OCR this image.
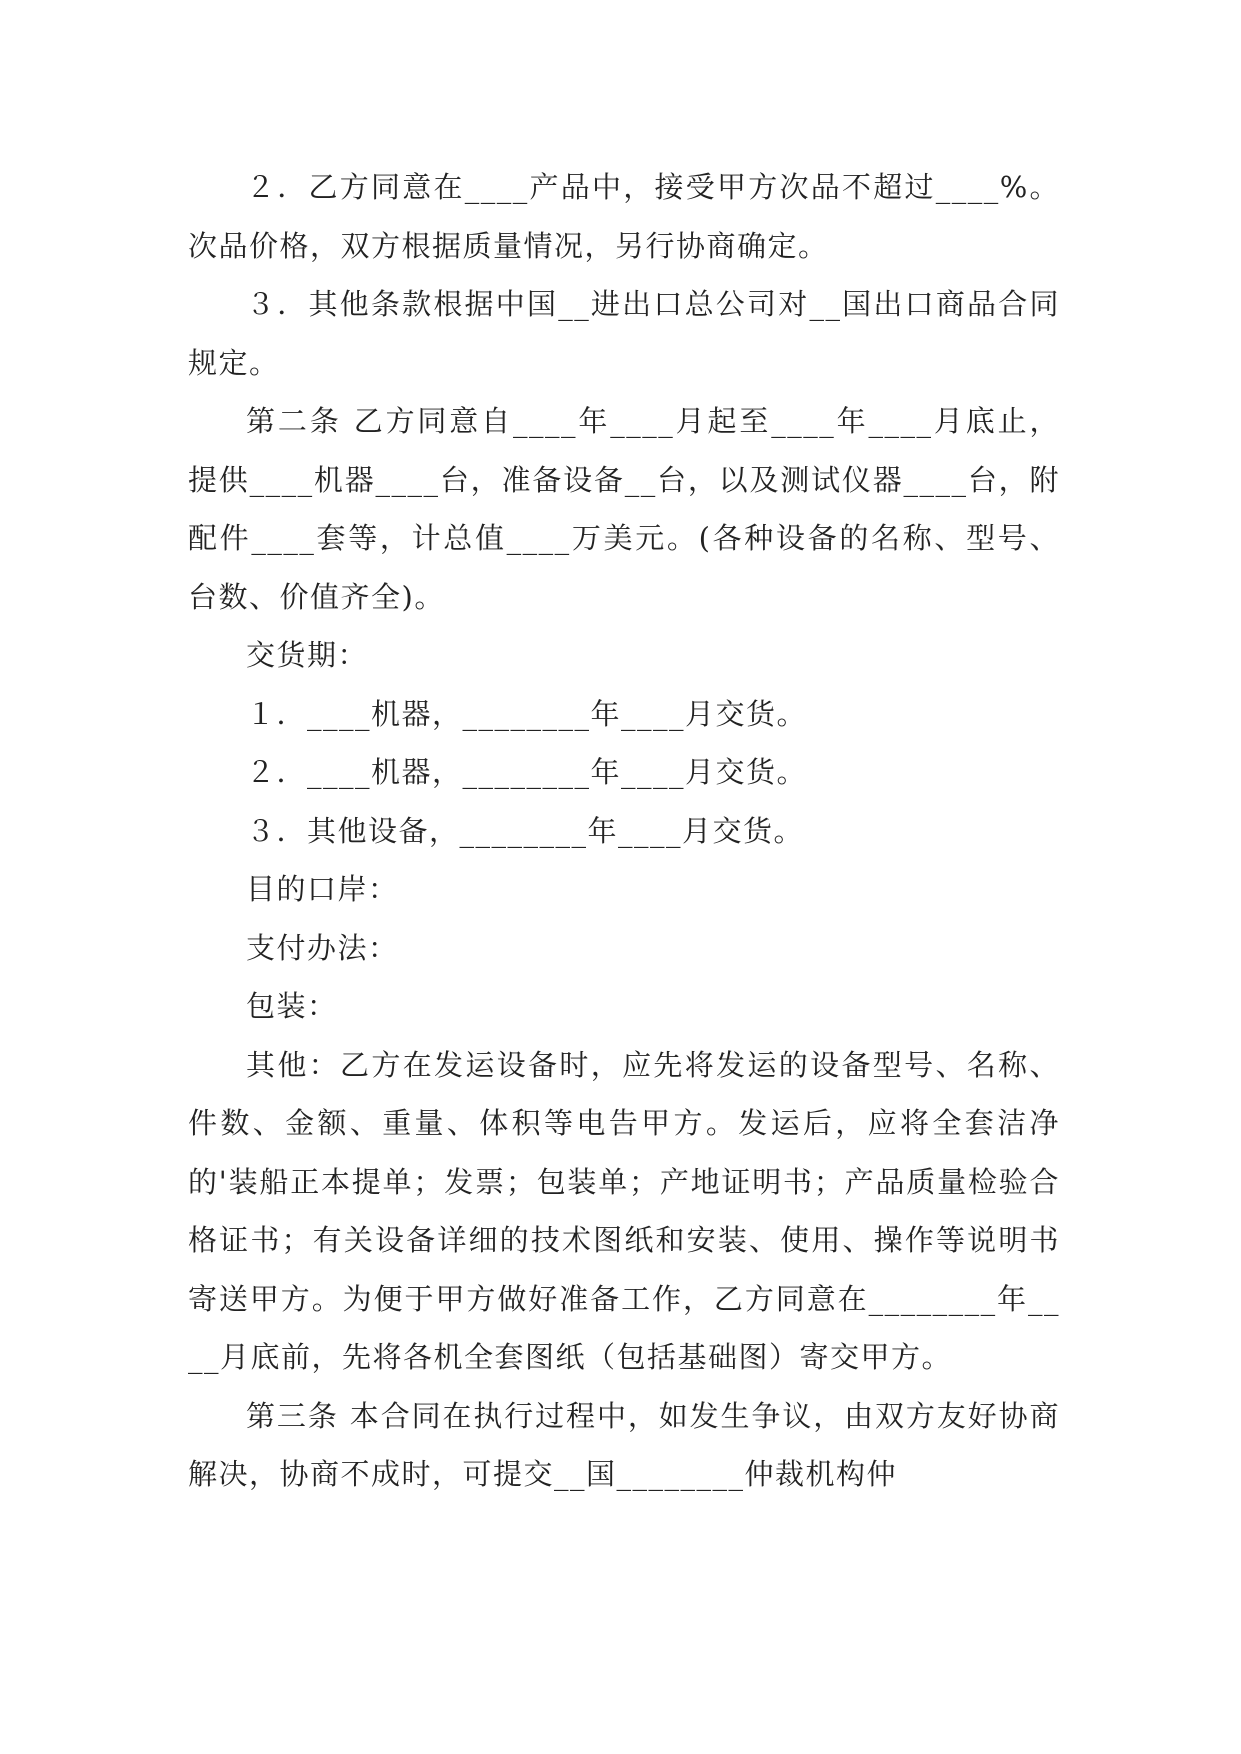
２．乙方同意在____产品中，接受甲方次品不超过____%。次品价格，双方根据质量情况，另行协商确定。

３．其他条款根据中国__进出口总公司对__国出口商品合同规定。

第二条 乙方同意自____年____月起至____年____月底止，提供____机器____台，准备设备__台，以及测试仪器____台，附配件____套等，计总值____万美元。(各种设备的名称、型号、台数、价值齐全)。

交货期：

１．____机器，________年____月交货。

２．____机器，________年____月交货。

３．其他设备，________年____月交货。

目的口岸：

支付办法：

包装：

其他：乙方在发运设备时，应先将发运的设备型号、名称、件数、金额、重量、体积等电告甲方。发运后，应将全套洁净的'装船正本提单；发票；包装单；产地证明书；产品质量检验合格证书；有关设备详细的技术图纸和安装、使用、操作等说明书寄送甲方。为便于甲方做好准备工作，乙方同意在________年____月底前，先将各机全套图纸（包括基础图）寄交甲方。

第三条 本合同在执行过程中，如发生争议，由双方友好协商解决，协商不成时，可提交__国________仲裁机构仲
